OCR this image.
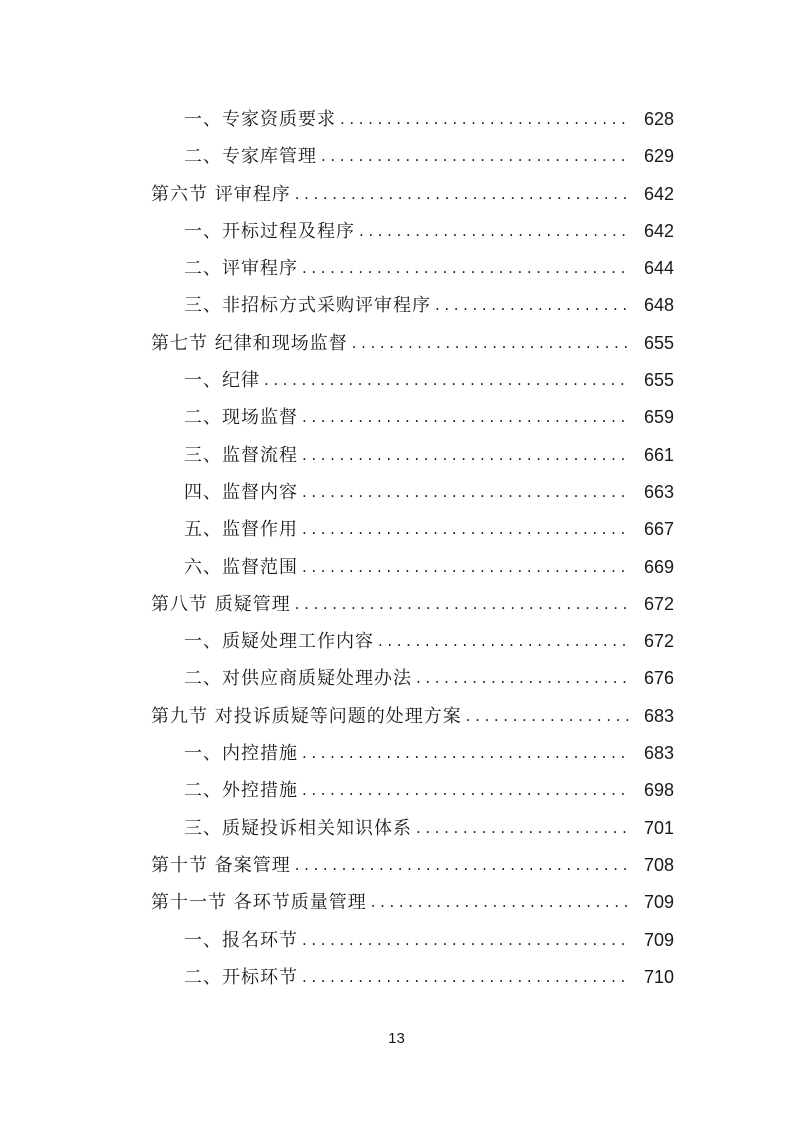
一、专家资质要求 .....	628
二、专家库管理 .....	629
第六节 评审程序 .....	642
一、开标过程及程序 .....	642
二、评审程序 .....	644
三、非招标方式采购评审程序 .....	648
第七节 纪律和现场监督 .....	655
一、纪律 .....	655
二、现场监督 .....	659
三、监督流程 .....	661
四、监督内容 .....	663
五、监督作用 .....	667
六、监督范围 .....	669
第八节 质疑管理 .....	672
一、质疑处理工作内容 .....	672
二、对供应商质疑处理办法 .....	676
第九节 对投诉质疑等问题的处理方案 .....	683
一、内控措施 .....	683
二、外控措施 .....	698
三、质疑投诉相关知识体系 .....	701
第十节 备案管理 .....	708
第十一节 各环节质量管理 .....	709
一、报名环节 .....	709
二、开标环节 .....	710
13
